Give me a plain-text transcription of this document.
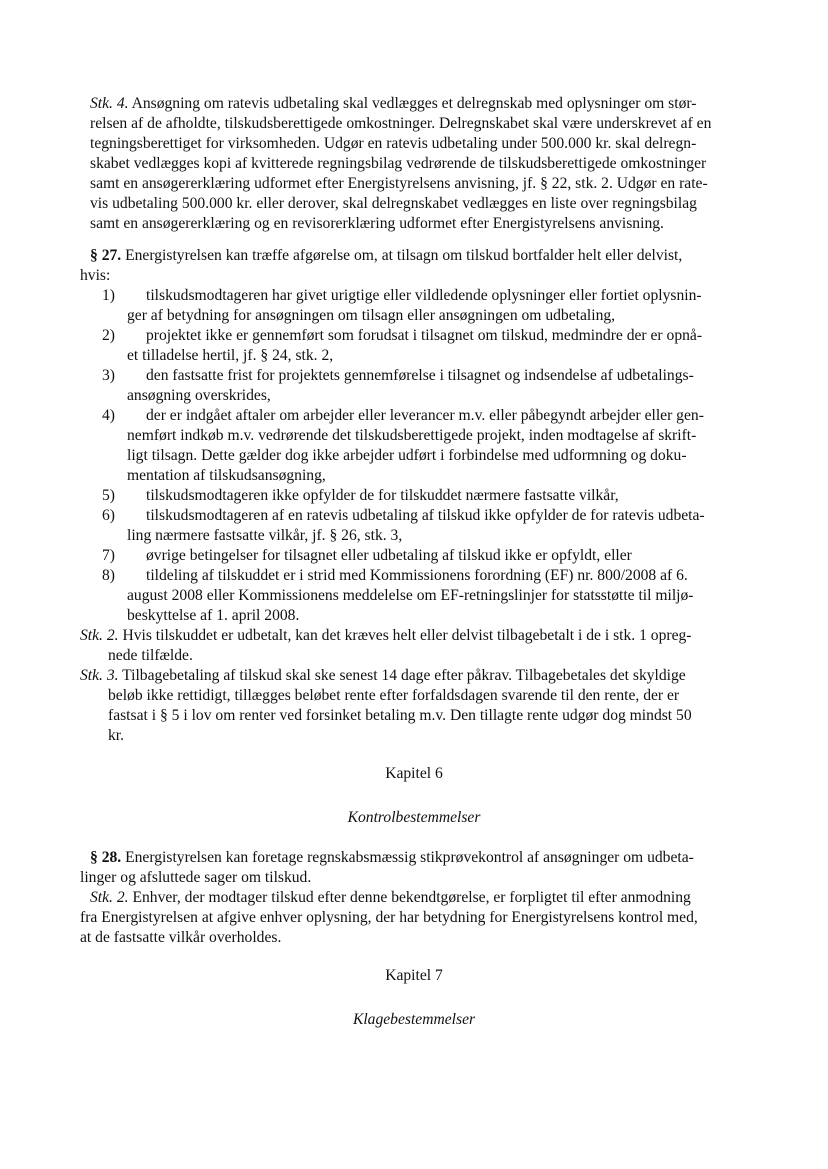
Stk. 4. Ansøgning om ratevis udbetaling skal vedlægges et delregnskab med oplysninger om stør-
relsen af de afholdte, tilskudsberettigede omkostninger. Delregnskabet skal være underskrevet af en
tegningsberettiget for virksomheden. Udgør en ratevis udbetaling under 500.000 kr. skal delregn-
skabet vedlægges kopi af kvitterede regningsbilag vedrørende de tilskudsberettigede omkostninger
samt en ansøgererklæring udformet efter Energistyrelsens anvisning, jf. § 22, stk. 2. Udgør en rate-
vis udbetaling 500.000 kr. eller derover, skal delregnskabet vedlægges en liste over regningsbilag
samt en ansøgererklæring og en revisorerklæring udformet efter Energistyrelsens anvisning.
§ 27. Energistyrelsen kan træffe afgørelse om, at tilsagn om tilskud bortfalder helt eller delvist,
hvis:
1) tilskudsmodtageren har givet urigtige eller vildledende oplysninger eller fortiet oplysnin-
ger af betydning for ansøgningen om tilsagn eller ansøgningen om udbetaling,
2) projektet ikke er gennemført som forudsat i tilsagnet om tilskud, medmindre der er opnå-
et tilladelse hertil, jf. § 24, stk. 2,
3) den fastsatte frist for projektets gennemførelse i tilsagnet og indsendelse af udbetalings-
ansøgning overskrides,
4) der er indgået aftaler om arbejder eller leverancer m.v. eller påbegyndt arbejder eller gen-
nemført indkøb m.v. vedrørende det tilskudsberettigede projekt, inden modtagelse af skrift-
ligt tilsagn. Dette gælder dog ikke arbejder udført i forbindelse med udformning og doku-
mentation af tilskudsansøgning,
5) tilskudsmodtageren ikke opfylder de for tilskuddet nærmere fastsatte vilkår,
6) tilskudsmodtageren af en ratevis udbetaling af tilskud ikke opfylder de for ratevis udbeta-
ling nærmere fastsatte vilkår, jf. § 26, stk. 3,
7) øvrige betingelser for tilsagnet eller udbetaling af tilskud ikke er opfyldt, eller
8) tildeling af tilskuddet er i strid med Kommissionens forordning (EF) nr. 800/2008 af 6.
august 2008 eller Kommissionens meddelelse om EF-retningslinjer for statsstøtte til miljø-
beskyttelse af 1. april 2008.
Stk. 2. Hvis tilskuddet er udbetalt, kan det kræves helt eller delvist tilbagebetalt i de i stk. 1 opreg-
nede tilfælde.
Stk. 3. Tilbagebetaling af tilskud skal ske senest 14 dage efter påkrav. Tilbagebetales det skyldige
beløb ikke rettidigt, tillægges beløbet rente efter forfaldsdagen svarende til den rente, der er
fastsat i § 5 i lov om renter ved forsinket betaling m.v. Den tillagte rente udgør dog mindst 50
kr.
Kapitel 6
Kontrolbestemmelser
§ 28. Energistyrelsen kan foretage regnskabsmæssig stikprøvekontrol af ansøgninger om udbeta-
linger og afsluttede sager om tilskud.
Stk. 2. Enhver, der modtager tilskud efter denne bekendtgørelse, er forpligtet til efter anmodning
fra Energistyrelsen at afgive enhver oplysning, der har betydning for Energistyrelsens kontrol med,
at de fastsatte vilkår overholdes.
Kapitel 7
Klagebestemmelser
